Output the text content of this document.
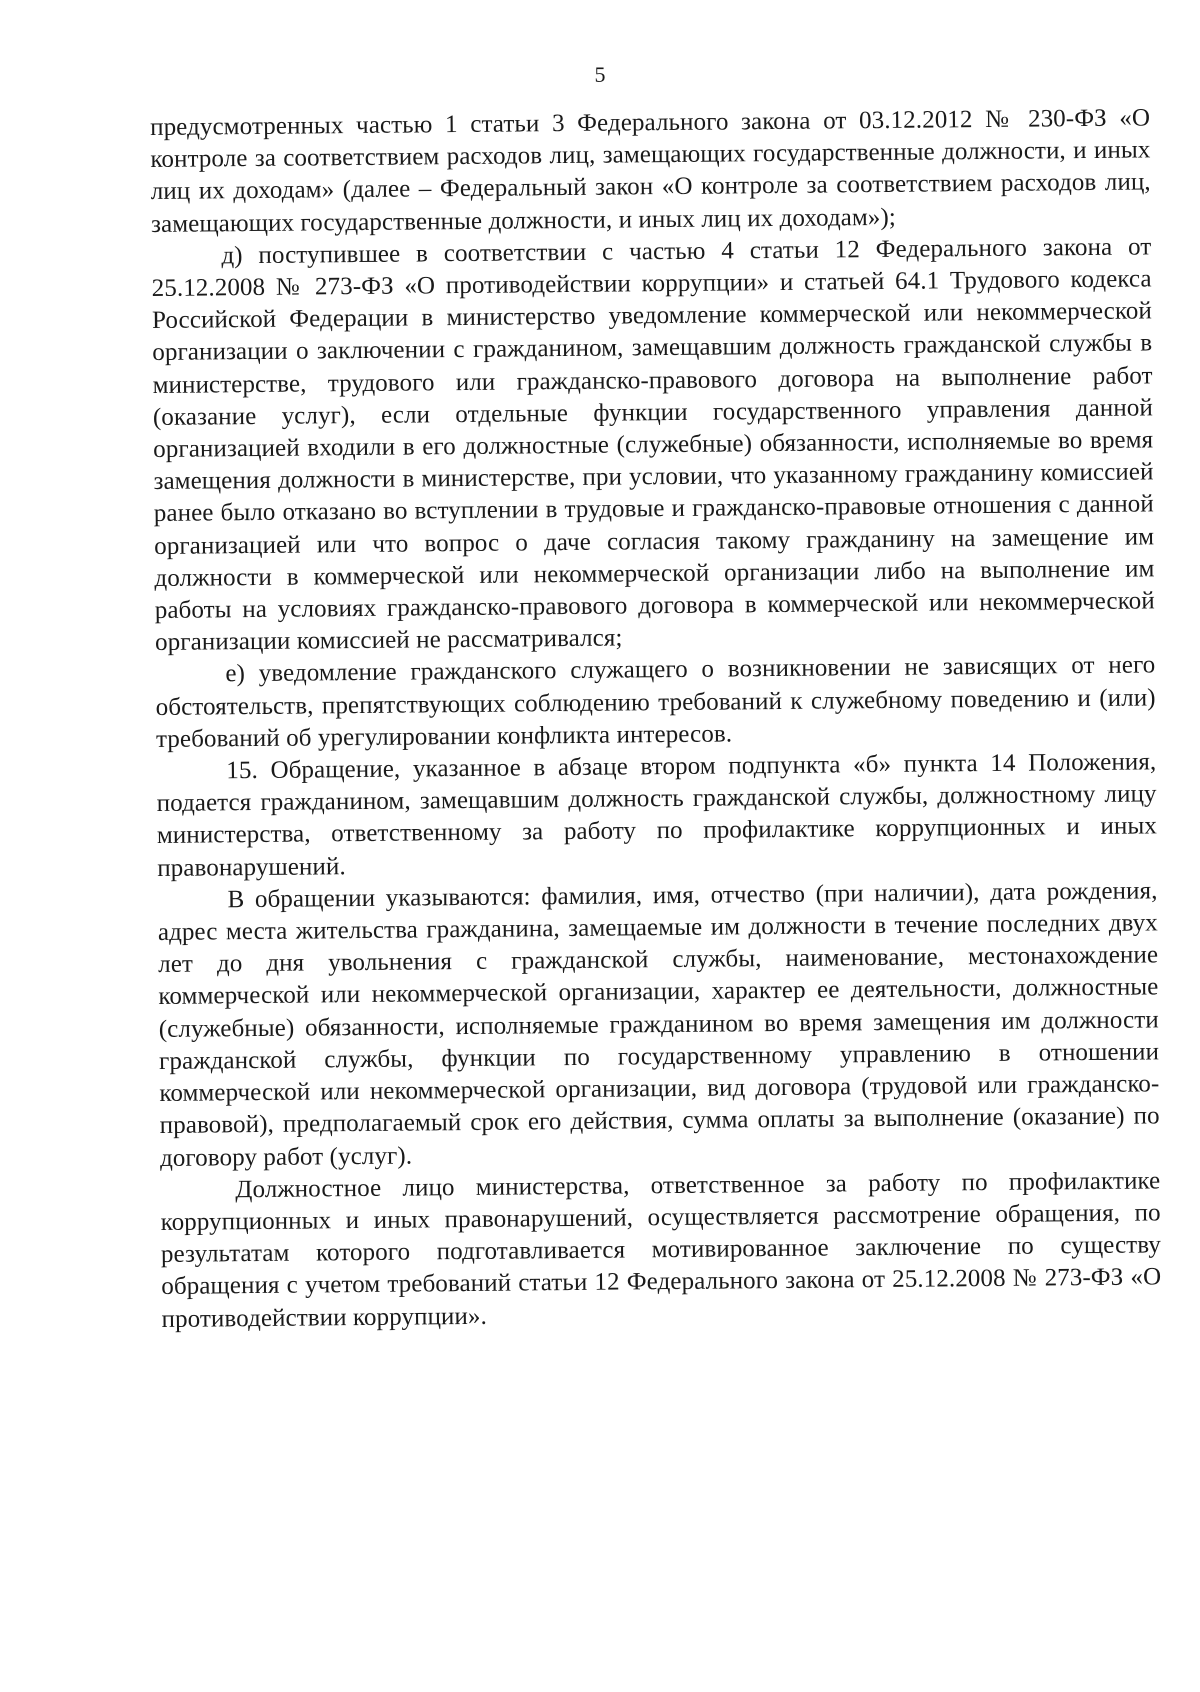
5

предусмотренных частью 1 статьи 3 Федерального закона от 03.12.2012 № 230-ФЗ «О контроле за соответствием расходов лиц, замещающих государственные должности, и иных лиц их доходам» (далее – Федеральный закон «О контроле за соответствием расходов лиц, замещающих государственные должности, и иных лиц их доходам»);

д) поступившее в соответствии с частью 4 статьи 12 Федерального закона от 25.12.2008 № 273-ФЗ «О противодействии коррупции» и статьей 64.1 Трудового кодекса Российской Федерации в министерство уведомление коммерческой или некоммерческой организации о заключении с гражданином, замещавшим должность гражданской службы в министерстве, трудового или гражданско-правового договора на выполнение работ (оказание услуг), если отдельные функции государственного управления данной организацией входили в его должностные (служебные) обязанности, исполняемые во время замещения должности в министерстве, при условии, что указанному гражданину комиссией ранее было отказано во вступлении в трудовые и гражданско-правовые отношения с данной организацией или что вопрос о даче согласия такому гражданину на замещение им должности в коммерческой или некоммерческой организации либо на выполнение им работы на условиях гражданско-правового договора в коммерческой или некоммерческой организации комиссией не рассматривался;

е) уведомление гражданского служащего о возникновении не зависящих от него обстоятельств, препятствующих соблюдению требований к служебному поведению и (или) требований об урегулировании конфликта интересов.

15. Обращение, указанное в абзаце втором подпункта «б» пункта 14 Положения, подается гражданином, замещавшим должность гражданской службы, должностному лицу министерства, ответственному за работу по профилактике коррупционных и иных правонарушений.

В обращении указываются: фамилия, имя, отчество (при наличии), дата рождения, адрес места жительства гражданина, замещаемые им должности в течение последних двух лет до дня увольнения с гражданской службы, наименование, местонахождение коммерческой или некоммерческой организации, характер ее деятельности, должностные (служебные) обязанности, исполняемые гражданином во время замещения им должности гражданской службы, функции по государственному управлению в отношении коммерческой или некоммерческой организации, вид договора (трудовой или гражданско-правовой), предполагаемый срок его действия, сумма оплаты за выполнение (оказание) по договору работ (услуг).

Должностное лицо министерства, ответственное за работу по профилактике коррупционных и иных правонарушений, осуществляется рассмотрение обращения, по результатам которого подготавливается мотивированное заключение по существу обращения с учетом требований статьи 12 Федерального закона от 25.12.2008 № 273-ФЗ «О противодействии коррупции».
